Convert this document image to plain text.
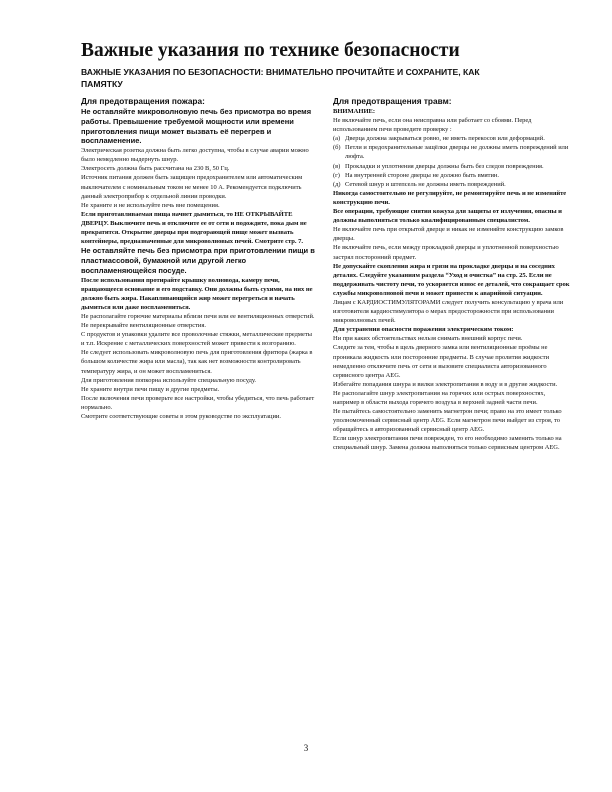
Важные указания по технике безопасности
ВАЖНЫЕ УКАЗАНИЯ ПО БЕЗОПАСНОСТИ: ВНИМАТЕЛЬНО ПРОЧИТАЙТЕ И СОХРАНИТЕ, КАК ПАМЯТКУ

Для предотвращения пожара:

Не оставляйте микроволновую печь без присмотра во время работы. Превышение требуемой мощности или времени приготовления пищи может вызвать её перегрев и воспламенение.

Электрическая розетка должна быть легко доступна, чтобы в случае аварии можно было немедленно выдернуть шнур.

Электросеть должна быть рассчитана на 230 В, 50 Гц.

Источник питания должен быть защищен предохранителем или автоматическим выключателем с номинальным током не менее 10 А. Рекомендуется подключить данный электроприбор к отдельной линии проводки.

Не храните и не используйте печь вне помещения.

Если приготавливаемая пища начнет дымиться, то НЕ ОТКРЫВАЙТЕ ДВЕРЦУ. Выключите печь и отключите ее от сети и подождите, пока дым не прекратится. Открытие дверцы при подгорающей пище может вызвать контейнеры, предназначенные для микроволновых печей. Смотрите стр. 7.

Не оставляйте печь без присмотра при приготовлении пищи в пластмассовой, бумажной или другой легко воспламеняющейся посуде.

После использования протирайте крышку волновода, камеру печи, вращающееся основание и его подставку. Они должны быть сухими, на них не должно быть жира. Накапливающийся жир может перегреться и начать дымиться или даже воспламениться.

Не располагайте горючие материалы вблизи печи или ее вентиляционных отверстий. Не перекрывайте вентиляционные отверстия.

С продуктов и упаковки удалите все проволочные стяжки, металлические предметы и т.п. Искрение с металлических поверхностей может привести к возгоранию.

Не следует использовать микроволновую печь для приготовления фритюра (жарка в большом количестве жира или масла), так как нет возможности контролировать температуру жира, и он может воспламениться.

Для приготовления попкорна используйте специальную посуду.

Не храните внутри печи пищу и другие предметы.

После включения печи проверьте все настройки, чтобы убедиться, что печь работает нормально.

Смотрите соответствующие советы в этом руководстве по эксплуатации.

Для предотвращения травм:

ВНИМАНИЕ:

Не включайте печь, если она неисправна или работает со сбоями. Перед использованием печи проведите проверку :

(а) Дверца должна закрываться ровно, не иметь перекосов или деформаций.
(б) Петли и предохранительные защёлки дверцы не должны иметь повреждений или люфта.
(в) Прокладки и уплотнения дверцы должны быть без следов повреждения.
(г) На внутренней стороне дверцы не должно быть вмятин.
(д) Сетевой шнур и штепсель не должны иметь повреждений.

Никогда самостоятельно не регулируйте, не ремонтируйте печь и не изменяйте конструкцию печи.

Все операции, требующие снятия кожуха для защиты от излучения, опасны и должны выполняться только квалифицированным специалистом.

Не включайте печь при открытой дверце и никак не изменяйте конструкцию замков дверцы.

Не включайте печь, если между прокладкой дверцы и уплотненной поверхностью застрял посторонний предмет.

Не допускайте скопления жира и грязи на прокладке дверцы и на соседних деталях. Следуйте указаниям раздела “Уход и очистка” на стр. 25. Если не поддерживать чистоту печи, то ускоряется износ ее деталей, что сокращает срок службы микроволновой печи и может привести к аварийной ситуации.

Лицам с КАРДИОСТИМУЛЯТОРАМИ следует получить консультацию у врача или изготовителя кардиостимулятора о мерах предосторожности при использовании микроволновых печей.

Для устранения опасности поражения электрическим током:

Ни при каких обстоятельствах нельзя снимать внешний корпус печи.

Следите за тем, чтобы в щель дверного замка или вентиляционные проёмы не проникала жидкость или посторонние предметы. В случае пролития жидкости немедленно отключите печь от сети и вызовите специалиста авторизованного сервисного центра AEG.

Избегайте попадания шнура и вилки электропитания в воду и в другие жидкости.

Не располагайте шнур электропитания на горячих или острых поверхностях, например в области выхода горячего воздуха в верхней задней части печи.

Не пытайтесь самостоятельно заменить магнетрон печи; право на это имеет только уполномоченный сервисный центр AEG. Если магнетрон печи выйдет из строя, то обращайтесь в авторизованный сервисный центр AEG.

Если шнур электропитания печи поврежден, то его необходимо заменить только на специальный шнур. Замена должна выполняться только сервисным центром AEG.

3
